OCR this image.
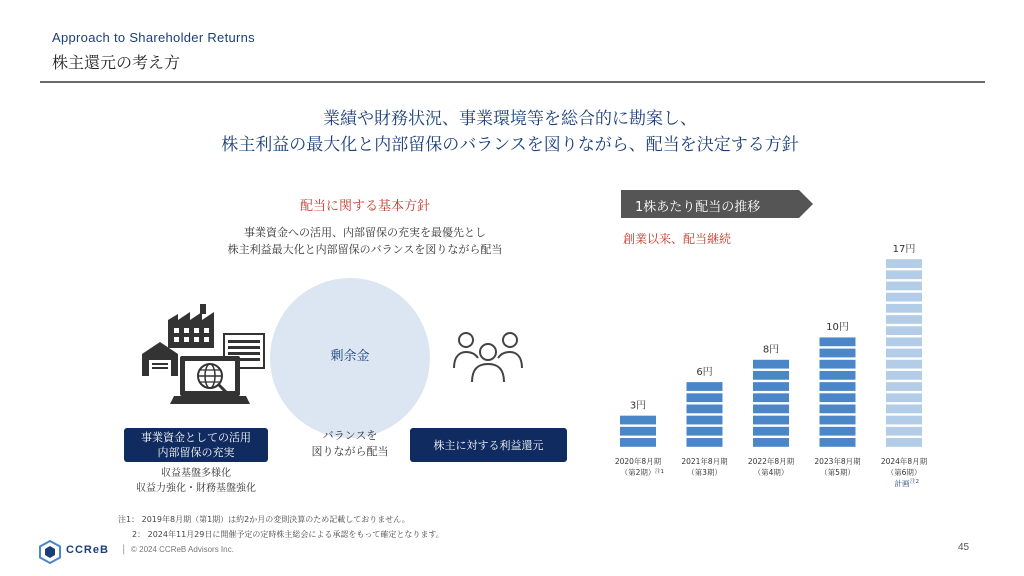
Approach to Shareholder Returns
株主還元の考え方
業績や財務状況、事業環境等を総合的に勘案し、
株主利益の最大化と内部留保のバランスを図りながら、配当を決定する方針
配当に関する基本方針
事業資金への活用、内部留保の充実を最優先とし
株主利益最大化と内部留保のバランスを図りながら配当
剰余金
事業資金としての活用
内部留保の充実
収益基盤多様化
収益力強化・財務基盤強化
バランスを
図りながら配当	株主に対する利益還元
1株あたり配当の推移
創業以来、配当継続
3円
2020年8月期
（第2期） 注1
6円
2021年8月期
（第3期）
8円
2022年8月期
（第4期）
10円
2023年8月期
（第5期）
17円
2024年8月期
（第6期）
計画 注2
注1： 2019年8月期（第1期）は約2か月の変則決算のため記載しておりません。
2： 2024年11月29日に開催予定の定時株主総会による承認をもって確定となります。
CCReB | © 2024 CCReB Advisors Inc.	45
